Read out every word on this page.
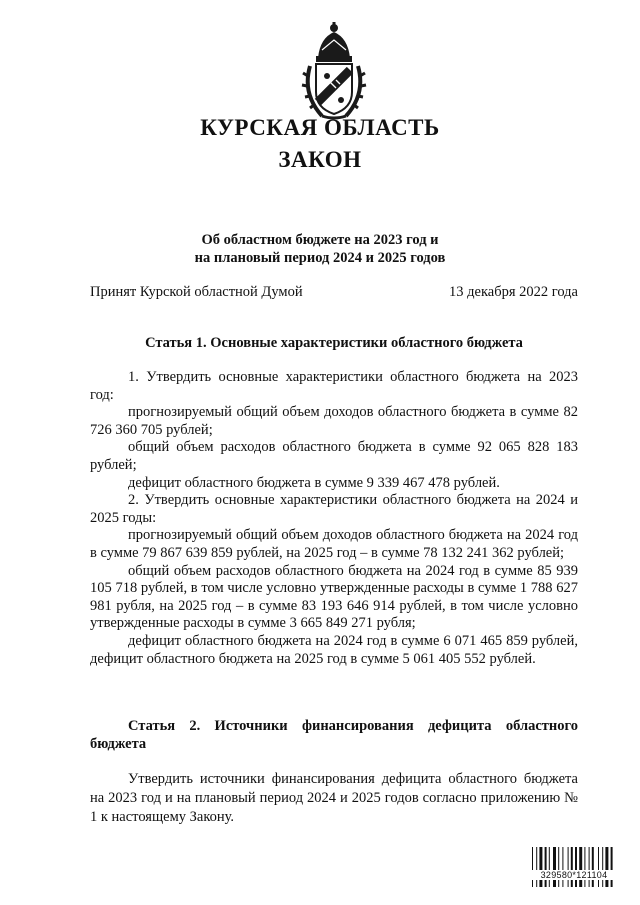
КУРСКАЯ ОБЛАСТЬ
ЗАКОН
Об областном бюджете на 2023 год и
на плановый период 2024 и 2025 годов
Принят Курской областной Думой	13 декабря 2022 года
Статья 1. Основные характеристики областного бюджета

1. Утвердить основные характеристики областного бюджета на 2023 год:

прогнозируемый общий объем доходов областного бюджета в сумме 82 726 360 705 рублей;

общий объем расходов областного бюджета в сумме 92 065 828 183 рублей;

дефицит областного бюджета в сумме 9 339 467 478 рублей.

2. Утвердить основные характеристики областного бюджета на 2024 и 2025 годы:

прогнозируемый общий объем доходов областного бюджета на 2024 год в сумме 79 867 639 859 рублей, на 2025 год – в сумме 78 132 241 362 рублей;

общий объем расходов областного бюджета на 2024 год в сумме 85 939 105 718 рублей, в том числе условно утвержденные расходы в сумме 1 788 627 981 рубля, на 2025 год – в сумме 83 193 646 914 рублей, в том числе условно утвержденные расходы в сумме 3 665 849 271 рубля;

дефицит областного бюджета на 2024 год в сумме 6 071 465 859 рублей, дефицит областного бюджета на 2025 год в сумме 5 061 405 552 рублей.

Статья 2. Источники финансирования дефицита областного бюджета

Утвердить источники финансирования дефицита областного бюджета на 2023 год и на плановый период 2024 и 2025 годов согласно приложению № 1 к настоящему Закону.

329580*121104
